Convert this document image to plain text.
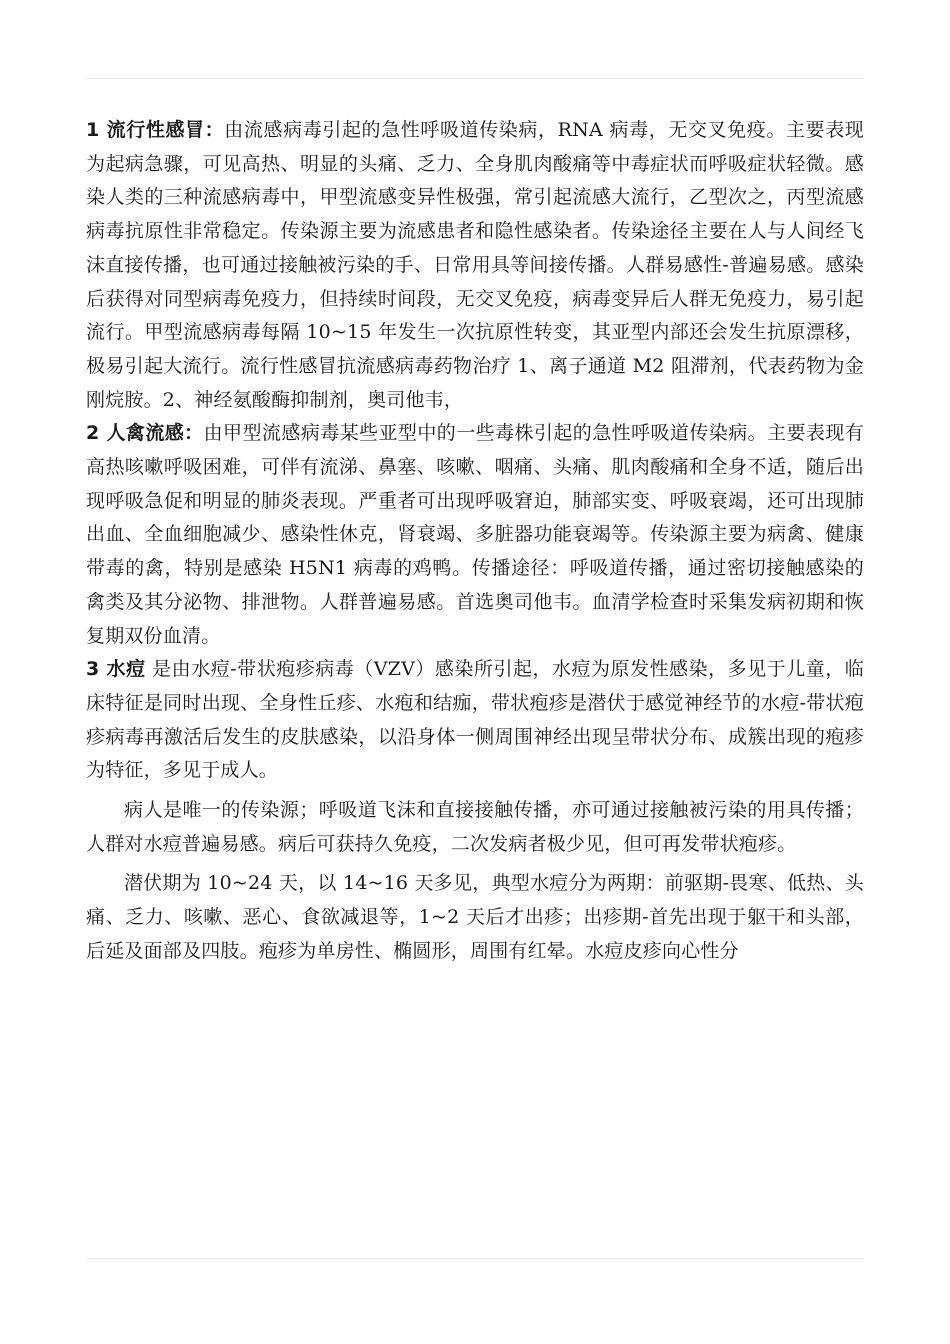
1 流行性感冒：由流感病毒引起的急性呼吸道传染病，RNA 病毒，无交叉免疫。主要表现为起病急骤，可见高热、明显的头痛、乏力、全身肌肉酸痛等中毒症状而呼吸症状轻微。感染人类的三种流感病毒中，甲型流感变异性极强，常引起流感大流行，乙型次之，丙型流感病毒抗原性非常稳定。传染源主要为流感患者和隐性感染者。传染途径主要在人与人间经飞沫直接传播，也可通过接触被污染的手、日常用具等间接传播。人群易感性-普遍易感。感染后获得对同型病毒免疫力，但持续时间段，无交叉免疫，病毒变异后人群无免疫力，易引起流行。甲型流感病毒每隔 10~15 年发生一次抗原性转变，其亚型内部还会发生抗原漂移，极易引起大流行。流行性感冒抗流感病毒药物治疗 1、离子通道 M2 阻滞剂，代表药物为金刚烷胺。2、神经氨酸酶抑制剂，奥司他韦，

2 人禽流感：由甲型流感病毒某些亚型中的一些毒株引起的急性呼吸道传染病。主要表现有高热咳嗽呼吸困难，可伴有流涕、鼻塞、咳嗽、咽痛、头痛、肌肉酸痛和全身不适，随后出现呼吸急促和明显的肺炎表现。严重者可出现呼吸窘迫，肺部实变、呼吸衰竭，还可出现肺出血、全血细胞减少、感染性休克，肾衰竭、多脏器功能衰竭等。传染源主要为病禽、健康带毒的禽，特别是感染 H5N1 病毒的鸡鸭。传播途径：呼吸道传播，通过密切接触感染的禽类及其分泌物、排泄物。人群普遍易感。首选奥司他韦。血清学检查时采集发病初期和恢复期双份血清。

3 水痘 是由水痘-带状疱疹病毒（VZV）感染所引起，水痘为原发性感染，多见于儿童，临床特征是同时出现、全身性丘疹、水疱和结痂，带状疱疹是潜伏于感觉神经节的水痘-带状疱疹病毒再激活后发生的皮肤感染，以沿身体一侧周围神经出现呈带状分布、成簇出现的疱疹为特征，多见于成人。

病人是唯一的传染源；呼吸道飞沫和直接接触传播，亦可通过接触被污染的用具传播；人群对水痘普遍易感。病后可获持久免疫，二次发病者极少见，但可再发带状疱疹。

潜伏期为 10~24 天，以 14~16 天多见，典型水痘分为两期：前驱期-畏寒、低热、头痛、乏力、咳嗽、恶心、食欲减退等，1~2 天后才出疹；出疹期-首先出现于躯干和头部，后延及面部及四肢。疱疹为单房性、椭圆形，周围有红晕。水痘皮疹向心性分
